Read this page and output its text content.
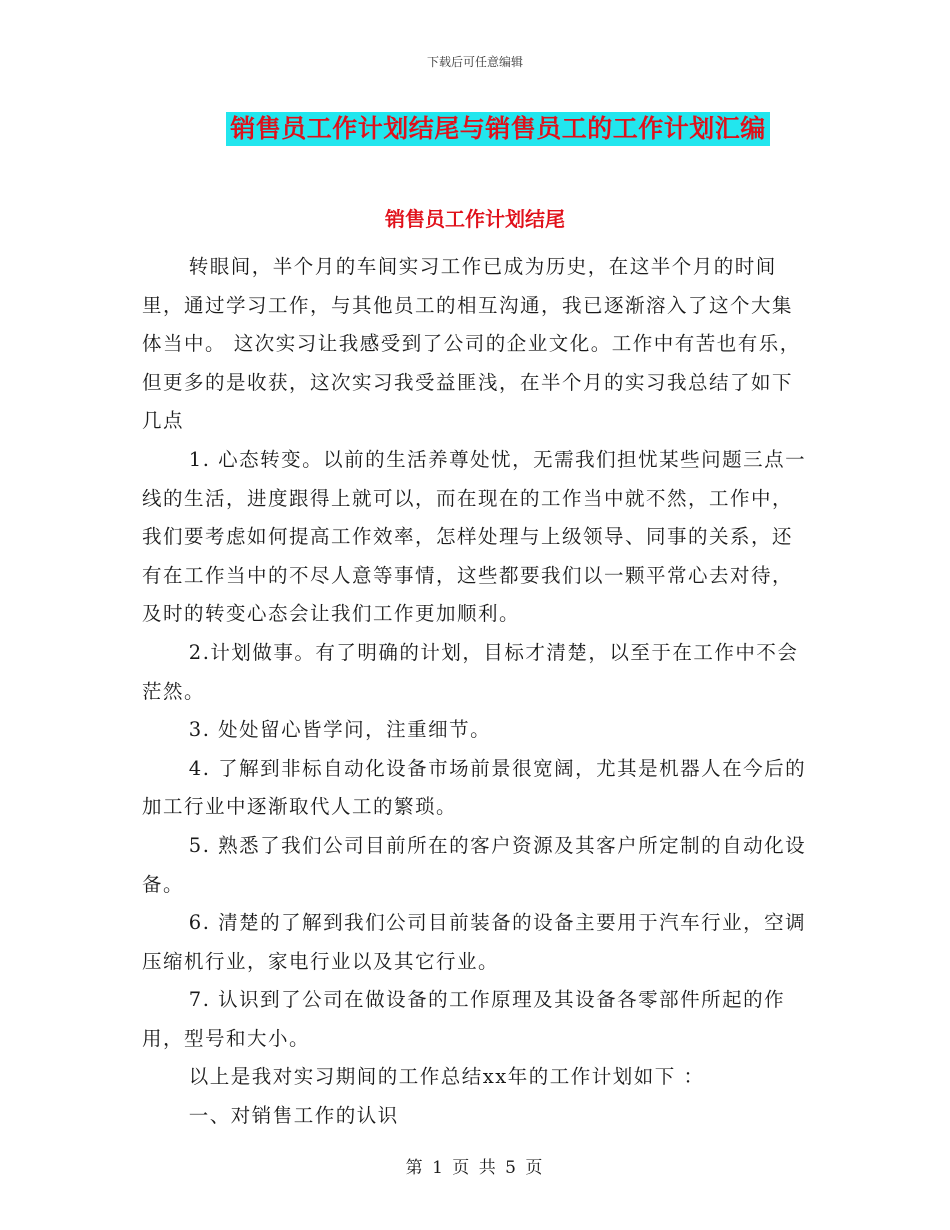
下载后可任意编辑
销售员工作计划结尾与销售员工的工作计划汇编
销售员工作计划结尾

转眼间，半个月的车间实习工作已成为历史，在这半个月的时间里，通过学习工作，与其他员工的相互沟通，我已逐渐溶入了这个大集体当中。 这次实习让我感受到了公司的企业文化。工作中有苦也有乐，但更多的是收获，这次实习我受益匪浅，在半个月的实习我总结了如下几点

1. 心态转变。以前的生活养尊处忧，无需我们担忧某些问题三点一线的生活，进度跟得上就可以，而在现在的工作当中就不然，工作中，我们要考虑如何提高工作效率，怎样处理与上级领导、同事的关系，还有在工作当中的不尽人意等事情，这些都要我们以一颗平常心去对待，及时的转变心态会让我们工作更加顺利。

2.计划做事。有了明确的计划，目标才清楚，以至于在工作中不会茫然。

3. 处处留心皆学问，注重细节。

4. 了解到非标自动化设备市场前景很宽阔，尤其是机器人在今后的加工行业中逐渐取代人工的繁琐。

5. 熟悉了我们公司目前所在的客户资源及其客户所定制的自动化设备。

6. 清楚的了解到我们公司目前装备的设备主要用于汽车行业，空调压缩机行业，家电行业以及其它行业。

7. 认识到了公司在做设备的工作原理及其设备各零部件所起的作用，型号和大小。

以上是我对实习期间的工作总结xx年的工作计划如下 ：

一、对销售工作的认识

第 1 页 共 5 页
